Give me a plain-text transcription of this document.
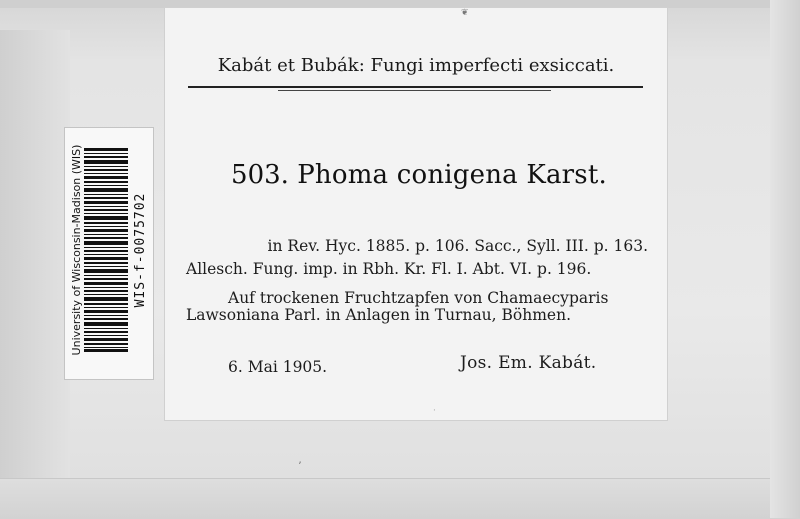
University of Wisconsin-Madison (WIS)	WIS-f-0075702
❦
Kabát et Bubák: Fungi imperfecti exsiccati.
503. Phoma conigena Karst.
in Rev. Hyc. 1885. p. 106. Sacc., Syll. III. p. 163.
Allesch. Fung. imp. in Rbh. Kr. Fl. I. Abt. VI. p. 196.
Auf trockenen Fruchtzapfen von Chamaecyparis
Lawsoniana Parl. in Anlagen in Turnau, Böhmen.
6. Mai 1905.	Jos. Em. Kabát.
·
ʼ
